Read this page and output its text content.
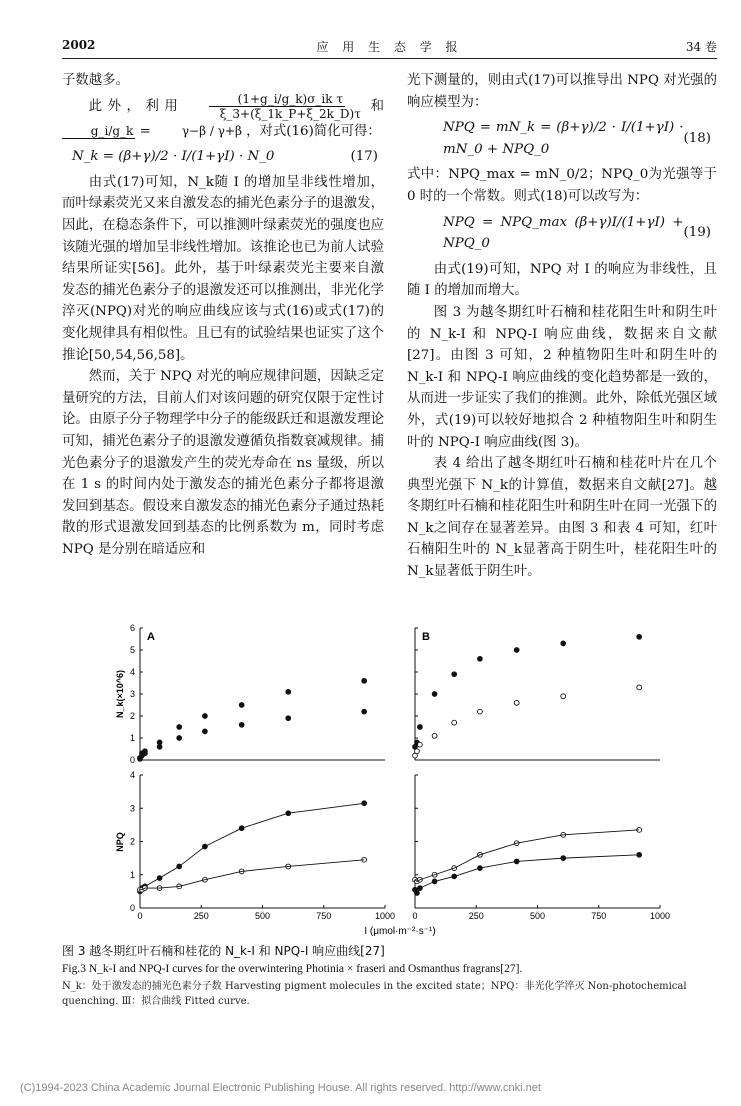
2002	应 用 生 态 学 报	34 卷

子数越多。

此外，利用 $\frac{\text{(1+g\_i/g\_k)σ\_ik τ}}{\xi\_3+(\xi\_1k\_P+\xi\_2k\_D)\tau}$ 和
g_i/g_k =	γ−β / γ+β ，对式(16)简化可得：
N_k = (β+γ)/2 · I/(1+γI) · N_0	(17)

由式(17)可知，N_k随 I 的增加呈非线性增加，而叶绿素荧光又来自激发态的捕光色素分子的退激发，因此，在稳态条件下，可以推测叶绿素荧光的强度也应该随光强的增加呈非线性增加。该推论也已为前人试验结果所证实[56]。此外，基于叶绿素荧光主要来自激发态的捕光色素分子的退激发还可以推测出，非光化学淬灭(NPQ)对光的响应曲线应该与式(16)或式(17)的变化规律具有相似性。且已有的试验结果也证实了这个推论[50,54,56,58]。

然而，关于 NPQ 对光的响应规律问题，因缺乏定量研究的方法，目前人们对该问题的研究仅限于定性讨论。由原子分子物理学中分子的能级跃迁和退激发理论可知，捕光色素分子的退激发遵循负指数衰减规律。捕光色素分子的退激发产生的荧光寿命在 ns 量级，所以在 1 s 的时间内处于激发态的捕光色素分子都将退激发回到基态。假设来自激发态的捕光色素分子通过热耗散的形式退激发回到基态的比例系数为 m，同时考虑 NPQ 是分别在暗适应和

光下测量的，则由式(17)可以推导出 NPQ 对光强的响应模型为：

NPQ = mN_k = (β+γ)/2 · I/(1+γI) · mN_0 + NPQ_0
(18)

式中：NPQ_max = mN_0/2；NPQ_0为光强等于 0 时的一个常数。则式(18)可以改写为：

NPQ = NPQ_max (β+γ)I/(1+γI) + NPQ_0
(19)

由式(19)可知，NPQ 对 I 的响应为非线性，且随 I 的增加而增大。

图 3 为越冬期红叶石楠和桂花阳生叶和阴生叶的 N_k-I 和 NPQ-I 响应曲线，数据来自文献[27]。由图 3 可知，2 种植物阳生叶和阴生叶的 N_k-I 和 NPQ-I 响应曲线的变化趋势都是一致的，从而进一步证实了我们的推测。此外，除低光强区域外，式(19)可以较好地拟合 2 种植物阳生叶和阴生叶的 NPQ-I 响应曲线(图 3)。

表 4 给出了越冬期红叶石楠和桂花叶片在几个典型光强下 N_k的计算值，数据来自文献[27]。越冬期红叶石楠和桂花阳生叶和阴生叶在同一光强下的 N_k之间存在显著差异。由图 3 和表 4 可知，红叶石楠阳生叶的 N_k显著高于阴生叶，桂花阳生叶的 N_k显著低于阴生叶。

0
1
2
3
4
5
6
0
1
2
3
4
0	250	500	750	1000 0	250	500	750	1000
A	B
N_k(×10^6)
NPQ
I (μmol·m⁻²·s⁻¹)
图 3 越冬期红叶石楠和桂花的 N_k-I 和 NPQ-I 响应曲线[27]
Fig.3 N_k-I and NPQ-I curves for the overwintering Photinia × fraseri and Osmanthus fragrans[27].
N_k：处于激发态的捕光色素分子数 Harvesting pigment molecules in the excited state；NPQ：非光化学淬灭 Non-photochemical quenching. Ⅲ：拟合曲线 Fitted curve.
(C)1994-2023 China Academic Journal Electronic Publishing House. All rights reserved. http://www.cnki.net
